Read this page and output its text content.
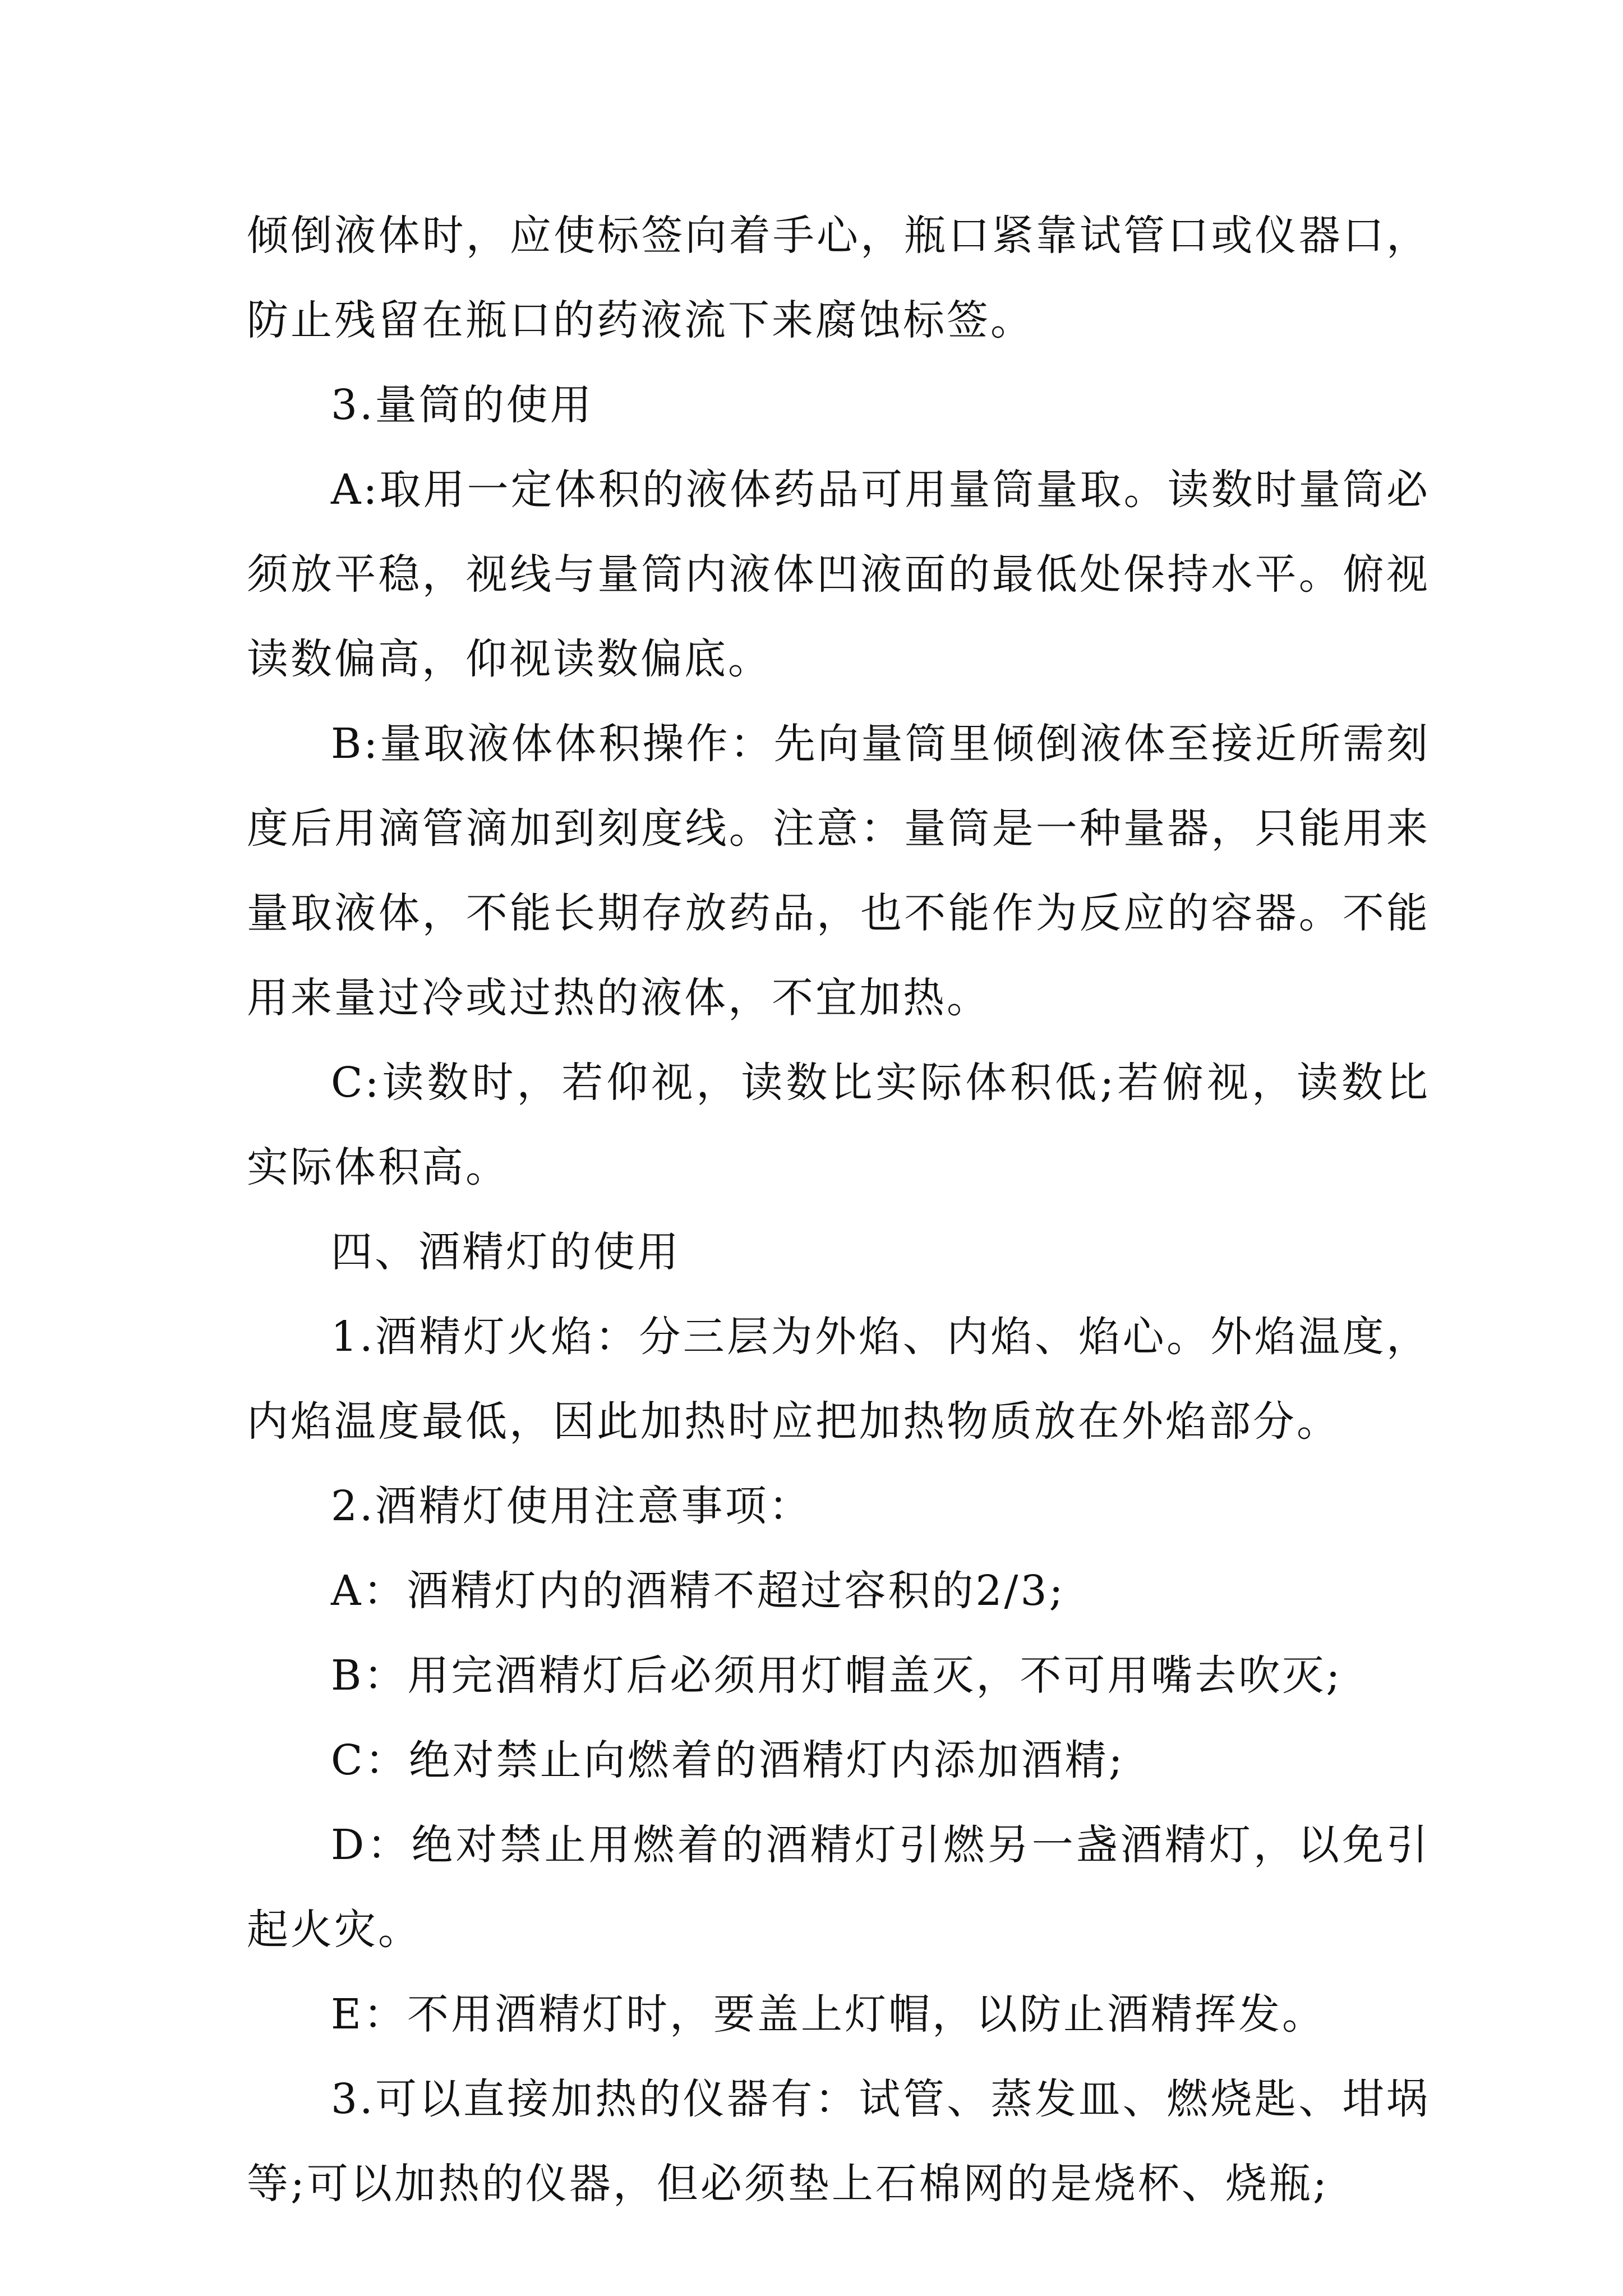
倾倒液体时，应使标签向着手心，瓶口紧靠试管口或仪器口，防止残留在瓶口的药液流下来腐蚀标签。

3.量筒的使用

A:取用一定体积的液体药品可用量筒量取。读数时量筒必须放平稳，视线与量筒内液体凹液面的最低处保持水平。俯视读数偏高，仰视读数偏底。

B:量取液体体积操作：先向量筒里倾倒液体至接近所需刻度后用滴管滴加到刻度线。注意：量筒是一种量器，只能用来量取液体，不能长期存放药品，也不能作为反应的容器。不能用来量过冷或过热的液体，不宜加热。

C:读数时，若仰视，读数比实际体积低;若俯视，读数比实际体积高。

四、酒精灯的使用

1.酒精灯火焰：分三层为外焰、内焰、焰心。外焰温度，内焰温度最低，因此加热时应把加热物质放在外焰部分。

2.酒精灯使用注意事项：

A：酒精灯内的酒精不超过容积的2/3;

B：用完酒精灯后必须用灯帽盖灭，不可用嘴去吹灭;

C：绝对禁止向燃着的酒精灯内添加酒精;

D：绝对禁止用燃着的酒精灯引燃另一盏酒精灯，以免引起火灾。

E：不用酒精灯时，要盖上灯帽，以防止酒精挥发。

3.可以直接加热的仪器有：试管、蒸发皿、燃烧匙、坩埚等;可以加热的仪器，但必须垫上石棉网的是烧杯、烧瓶;
